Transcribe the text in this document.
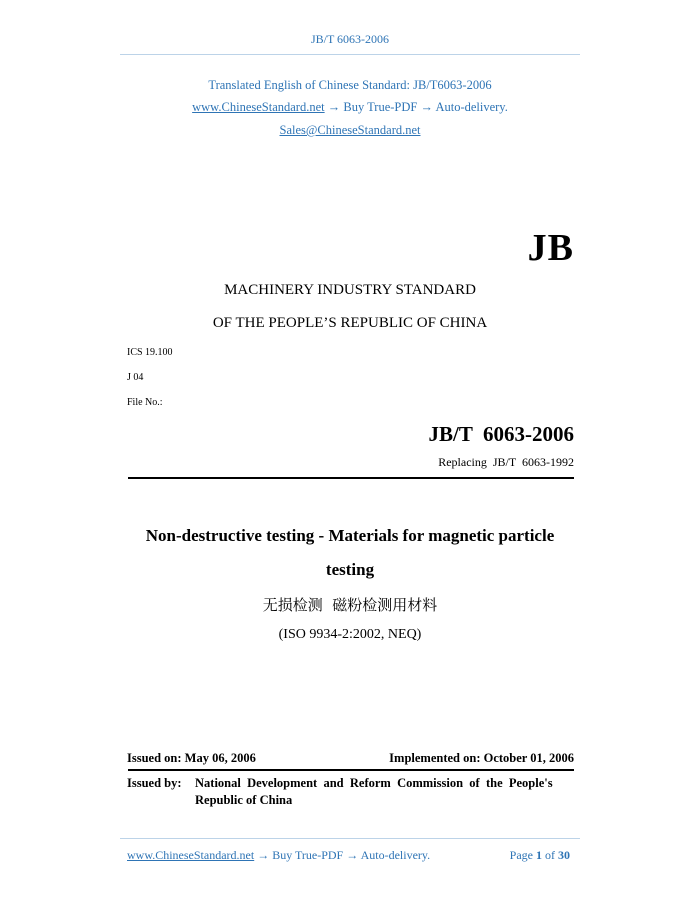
JB/T 6063-2006
Translated English of Chinese Standard: JB/T6063-2006
www.ChineseStandard.net → Buy True-PDF → Auto-delivery.
Sales@ChineseStandard.net
JB
MACHINERY INDUSTRY STANDARD
OF THE PEOPLE’S REPUBLIC OF CHINA
ICS 19.100
J 04
File No.:
JB/T  6063-2006
Replacing  JB/T  6063-1992
Non-destructive testing - Materials for magnetic particle
testing
无损检测  磁粉检测用材料
(ISO 9934-2:2002, NEQ)
Issued on: May 06, 2006	Implemented on: October 01, 2006
Issued by: National  Development  and  Reform  Commission  of  the  People's
Republic of China
www.ChineseStandard.net → Buy True-PDF → Auto-delivery.	Page 1 of 30
